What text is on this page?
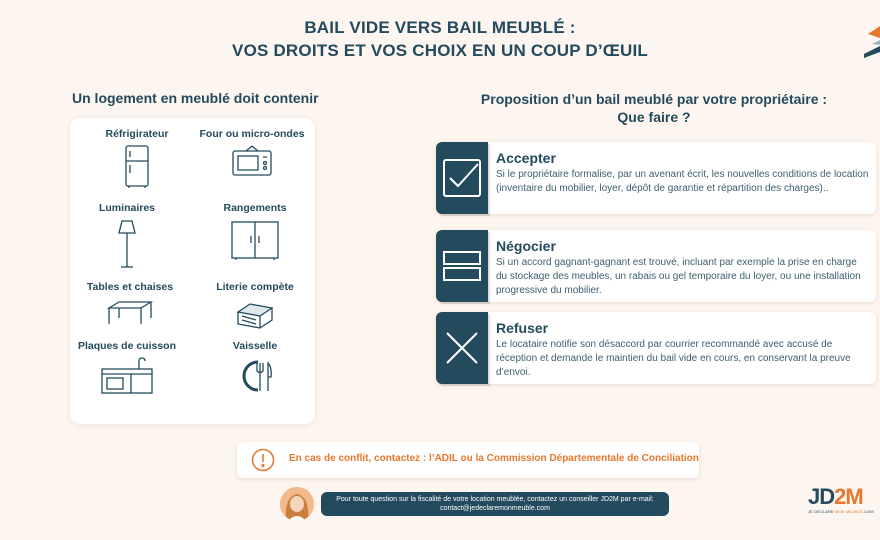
BAIL VIDE VERS BAIL MEUBLÉ :
VOS DROITS ET VOS CHOIX EN UN COUP D’ŒUIL
Un logement en meublé doit contenir
Réfrigirateur	Four ou micro-ondes
Luminaires	Rangements
Tables et chaises	Literie compète
Plaques de cuisson	Vaisselle
Proposition d’un bail meublé par votre propriétaire :
Que faire ?
Accepter
Si le propriétaire formalise, par un avenant écrit, les nouvelles conditions de location (inventaire du mobilier, loyer, dépôt de garantie et répartition des charges)..
Négocier
Si un accord gagnant-gagnant est trouvé, incluant par exemple la prise en charge du stockage des meubles, un rabais ou gel temporaire du loyer, ou une installation progressive du mobilier.
Refuser
Le locataire notifie son désaccord par courrier recommandé avec accusé de réception et demande le maintien du bail vide en cours, en conservant la preuve d’envoi.
En cas de conflit, contactez : l’ADIL ou la Commission Départementale de Conciliation
Pour toute question sur la fiscalité de votre location meublée, contactez un conseiller JD2M par e-mail:
contact@jedeclaremonmeuble.com	JD2M
JE DÉCLARE MON MEUBLÉ.COM
